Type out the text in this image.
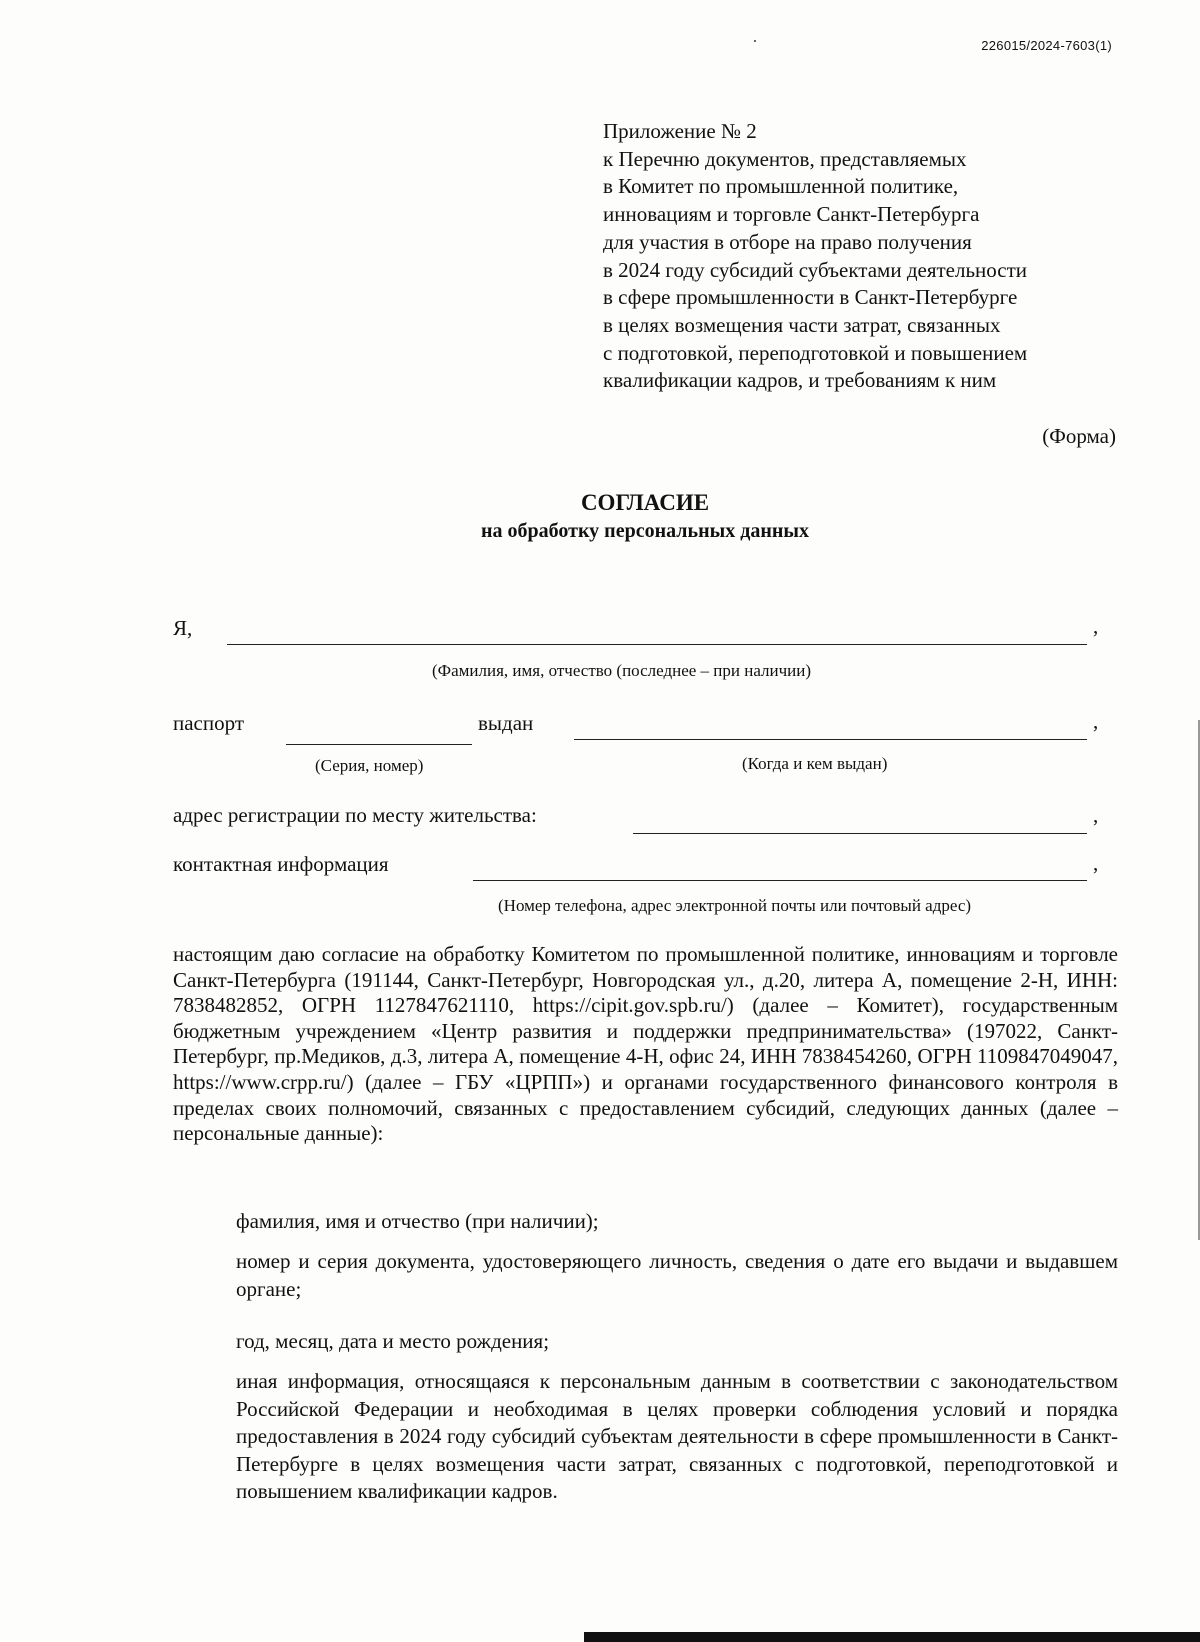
226015/2024-7603(1)
Приложение № 2
к Перечню документов, представляемых
в Комитет по промышленной политике,
инновациям и торговле Санкт-Петербурга
для участия в отборе на право получения
в 2024 году субсидий субъектами деятельности
в сфере промышленности в Санкт-Петербурге
в целях возмещения части затрат, связанных
с подготовкой, переподготовкой и повышением
квалификации кадров, и требованиям к ним
(Форма)
СОГЛАСИЕ
на обработку персональных данных
Я,	,
(Фамилия, имя, отчество (последнее – при наличии)
паспорт	выдан	,
(Серия, номер)	(Когда и кем выдан)
адрес регистрации по месту жительства:	,
контактная информация	,
(Номер телефона, адрес электронной почты или почтовый адрес)
настоящим даю согласие на обработку Комитетом по промышленной политике, инновациям и торговле Санкт-Петербурга (191144, Санкт-Петербург, Новгородская ул., д.20, литера А, помещение 2-Н, ИНН: 7838482852, ОГРН 1127847621110, https://cipit.gov.spb.ru/) (далее – Комитет), государственным бюджетным учреждением «Центр развития и поддержки предпринимательства» (197022, Санкт-Петербург, пр.Медиков, д.3, литера А, помещение 4-Н, офис 24, ИНН 7838454260, ОГРН 1109847049047, https://www.crpp.ru/) (далее – ГБУ «ЦРПП») и органами государственного финансового контроля в пределах своих полномочий, связанных с предоставлением субсидий, следующих данных (далее – персональные данные):
фамилия, имя и отчество (при наличии);
номер и серия документа, удостоверяющего личность, сведения о дате его выдачи и выдавшем органе;
год, месяц, дата и место рождения;
иная информация, относящаяся к персональным данным в соответствии с законодательством Российской Федерации и необходимая в целях проверки соблюдения условий и порядка предоставления в 2024 году субсидий субъектам деятельности в сфере промышленности в Санкт-Петербурге в целях возмещения части затрат, связанных с подготовкой, переподготовкой и повышением квалификации кадров.
